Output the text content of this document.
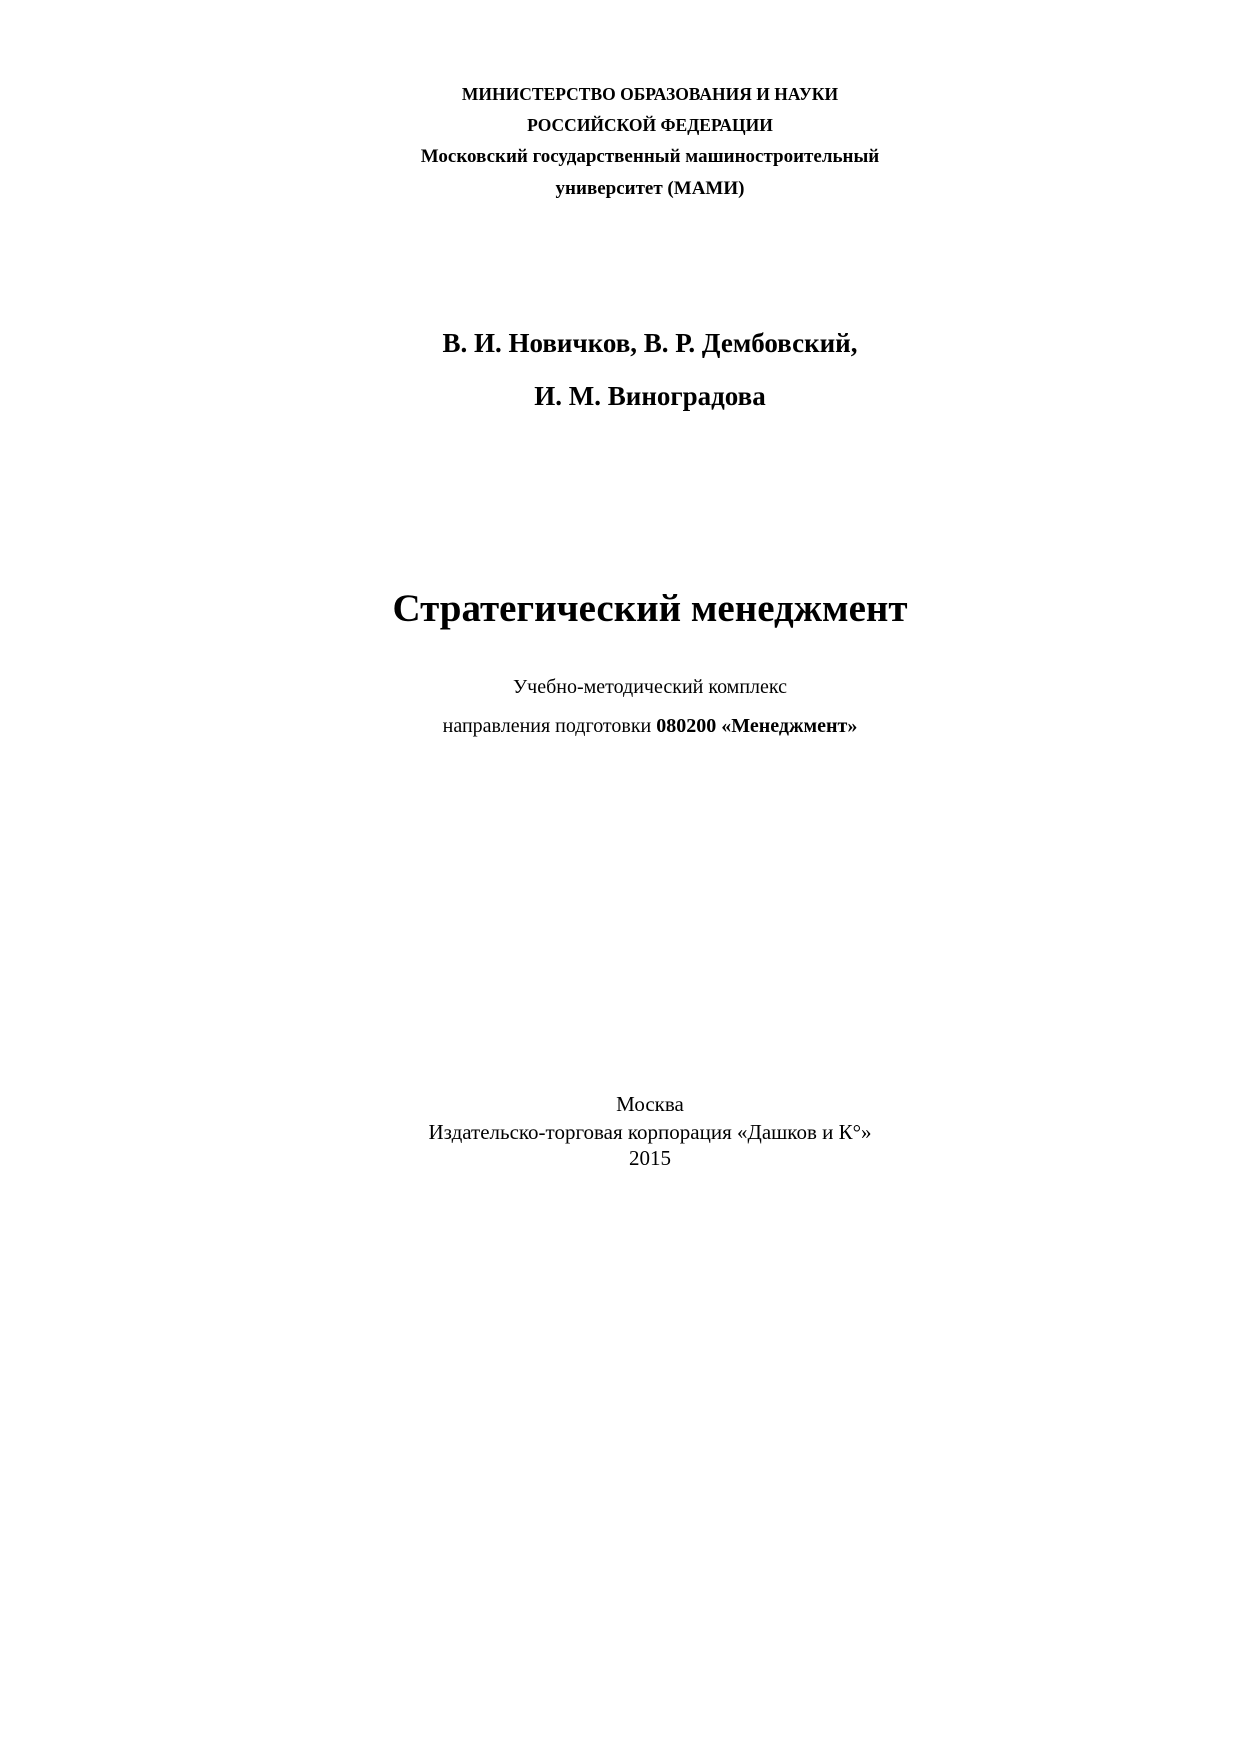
МИНИСТЕРСТВО ОБРАЗОВАНИЯ И НАУКИ
РОССИЙСКОЙ ФЕДЕРАЦИИ
Московский государственный машиностроительный
университет (МАМИ)
В. И. Новичков, В. Р. Дембовский,
И. М. Виноградова
Стратегический менеджмент
Учебно-методический комплекс
направления подготовки 080200 «Менеджмент»
Москва
Издательско-торговая корпорация «Дашков и К°»
2015
